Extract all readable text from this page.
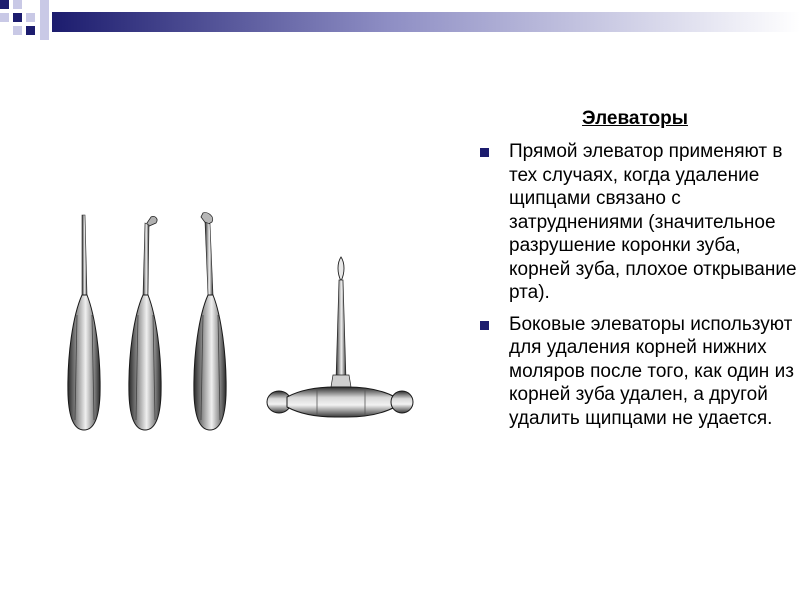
Элеваторы
Прямой элеватор применяют в тех случаях, когда удаление щипцами связано с затруднениями (значительное разрушение коронки зуба, корней зуба, плохое открывание рта).
Боковые элеваторы используют для удаления корней нижних моляров после того, как один из корней зуба удален, а другой удалить щипцами не удается.
